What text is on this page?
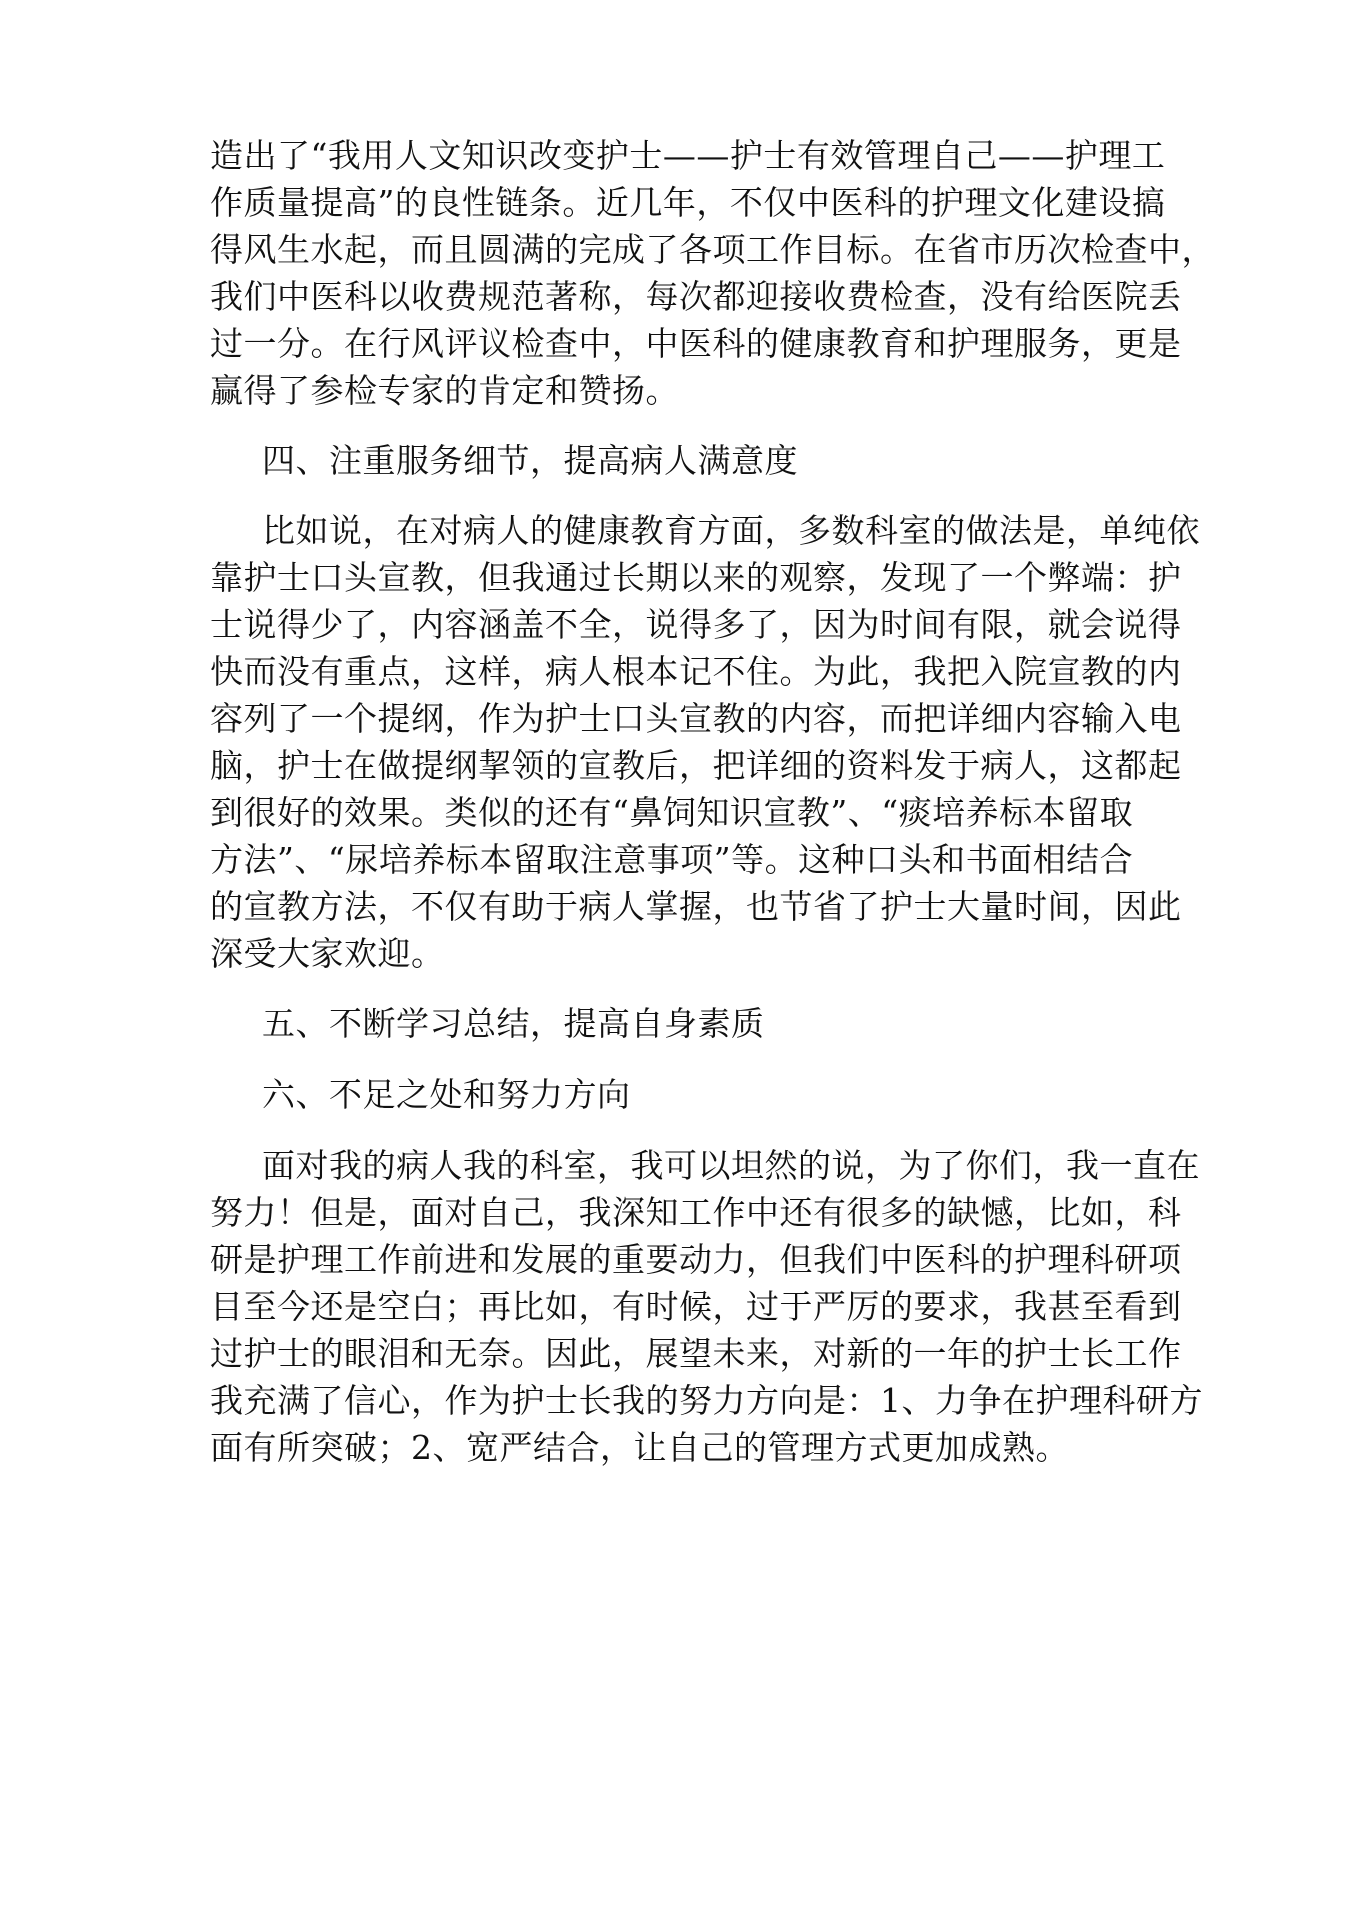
造出了“我用人文知识改变护士——护士有效管理自己——护理工
作质量提高”的良性链条。近几年，不仅中医科的护理文化建设搞
得风生水起，而且圆满的完成了各项工作目标。在省市历次检查中，
我们中医科以收费规范著称，每次都迎接收费检查，没有给医院丢
过一分。在行风评议检查中，中医科的健康教育和护理服务，更是
赢得了参检专家的肯定和赞扬。

四、注重服务细节，提高病人满意度

比如说，在对病人的健康教育方面，多数科室的做法是，单纯依
靠护士口头宣教，但我通过长期以来的观察，发现了一个弊端：护
士说得少了，内容涵盖不全，说得多了，因为时间有限，就会说得
快而没有重点，这样，病人根本记不住。为此，我把入院宣教的内
容列了一个提纲，作为护士口头宣教的内容，而把详细内容输入电
脑，护士在做提纲挈领的宣教后，把详细的资料发于病人，这都起
到很好的效果。类似的还有“鼻饲知识宣教”、“痰培养标本留取
方法”、“尿培养标本留取注意事项”等。这种口头和书面相结合
的宣教方法，不仅有助于病人掌握，也节省了护士大量时间，因此
深受大家欢迎。

五、不断学习总结，提高自身素质

六、不足之处和努力方向

面对我的病人我的科室，我可以坦然的说，为了你们，我一直在
努力！但是，面对自己，我深知工作中还有很多的缺憾，比如，科
研是护理工作前进和发展的重要动力，但我们中医科的护理科研项
目至今还是空白；再比如，有时候，过于严厉的要求，我甚至看到
过护士的眼泪和无奈。因此，展望未来，对新的一年的护士长工作
我充满了信心，作为护士长我的努力方向是：1、力争在护理科研方
面有所突破；2、宽严结合，让自己的管理方式更加成熟。
